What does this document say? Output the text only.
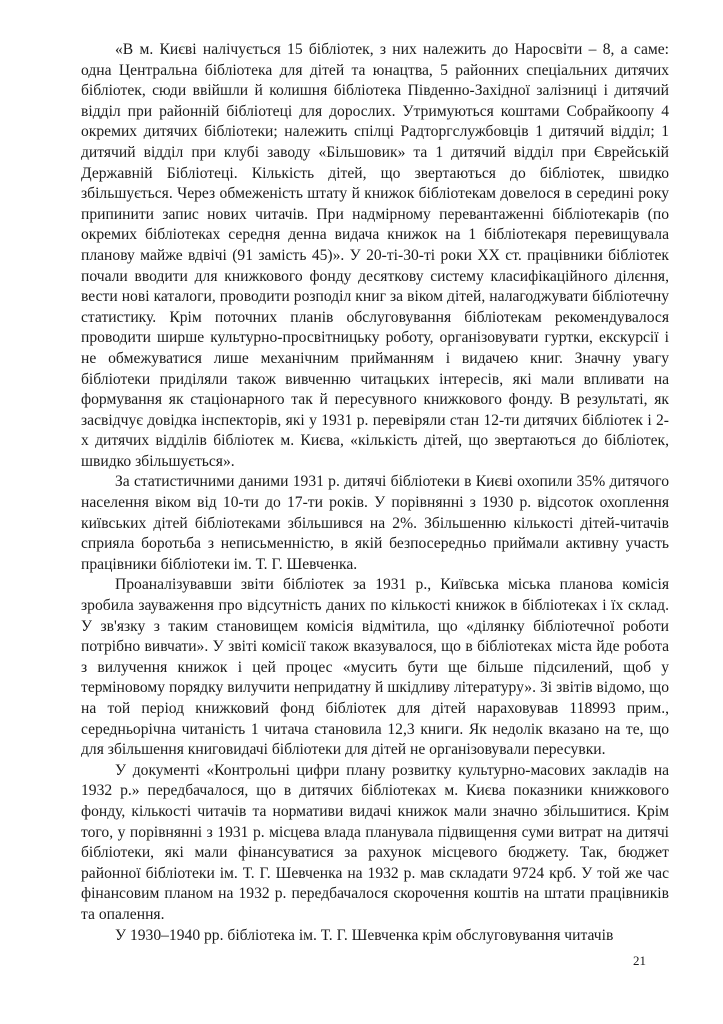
«В м. Києві налічується 15 бібліотек, з них належить до Наросвіти – 8, а саме: одна Центральна бібліотека для дітей та юнацтва, 5 районних спеціальних дитячих бібліотек, сюди ввійшли й колишня бібліотека Південно-Західної залізниці і дитячий відділ при районній бібліотеці для дорослих. Утримуються коштами Собрайкоопу 4 окремих дитячих бібліотеки; належить спілці Радторгслужбовців 1 дитячий відділ; 1 дитячий відділ при клубі заводу «Більшовик» та 1 дитячий відділ при Єврейській Державній Бібліотеці. Кількість дітей, що звертаються до бібліотек, швидко збільшується. Через обмеженість штату й книжок бібліотекам довелося в середині року припинити запис нових читачів. При надмірному перевантаженні бібліотекарів (по окремих бібліотеках середня денна видача книжок на 1 бібліотекаря перевищувала планову майже вдвічі (91 замість 45)». У 20-ті-30-ті роки ХХ ст. працівники бібліотек почали вводити для книжкового фонду десяткову систему класифікаційного ділєння, вести нові каталоги, проводити розподіл книг за віком дітей, налагоджувати бібліотечну статистику. Крім поточних планів обслуговування бібліотекам рекомендувалося проводити ширше культурно-просвітницьку роботу, організовувати гуртки, екскурсії і не обмежуватися лише механічним прийманням і видачею книг. Значну увагу бібліотеки приділяли також вивченню читацьких інтересів, які мали впливати на формування як стаціонарного так й пересувного книжкового фонду. В результаті, як засвідчує довідка інспекторів, які у 1931 р. перевіряли стан 12-ти дитячих бібліотек і 2-х дитячих відділів бібліотек м. Києва, «кількість дітей, що звертаються до бібліотек, швидко збільшується».

За статистичними даними 1931 р. дитячі бібліотеки в Києві охопили 35% дитячого населення віком від 10-ти до 17-ти років. У порівнянні з 1930 р. відсоток охоплення київських дітей бібліотеками збільшився на 2%. Збільшенню кількості дітей-читачів сприяла боротьба з неписьменністю, в якій безпосередньо приймали активну участь працівники бібліотеки ім. Т. Г. Шевченка.

Проаналізувавши звіти бібліотек за 1931 р., Київська міська планова комісія зробила зауваження про відсутність даних по кількості книжок в бібліотеках і їх склад. У зв'язку з таким становищем комісія відмітила, що «ділянку бібліотечної роботи потрібно вивчати». У звіті комісії також вказувалося, що в бібліотеках міста йде робота з вилучення книжок і цей процес «мусить бути ще більше підсилений, щоб у терміновому порядку вилучити непридатну й шкідливу літературу». Зі звітів відомо, що на той період книжковий фонд бібліотек для дітей нараховував 118993 прим., середньорічна читаність 1 читача становила 12,3 книги. Як недолік вказано на те, що для збільшення книговидачі бібліотеки для дітей не організовували пересувки.

У документі «Контрольні цифри плану розвитку культурно-масових закладів на 1932 р.» передбачалося, що в дитячих бібліотеках м. Києва показники книжкового фонду, кількості читачів та нормативи видачі книжок мали значно збільшитися. Крім того, у порівнянні з 1931 р. місцева влада планувала підвищення суми витрат на дитячі бібліотеки, які мали фінансуватися за рахунок місцевого бюджету. Так, бюджет районної бібліотеки ім. Т. Г. Шевченка на 1932 р. мав складати 9724 крб. У той же час фінансовим планом на 1932 р. передбачалося скорочення коштів на штати працівників та опалення.

У 1930–1940 рр. бібліотека ім. Т. Г. Шевченка крім обслуговування читачів

21
